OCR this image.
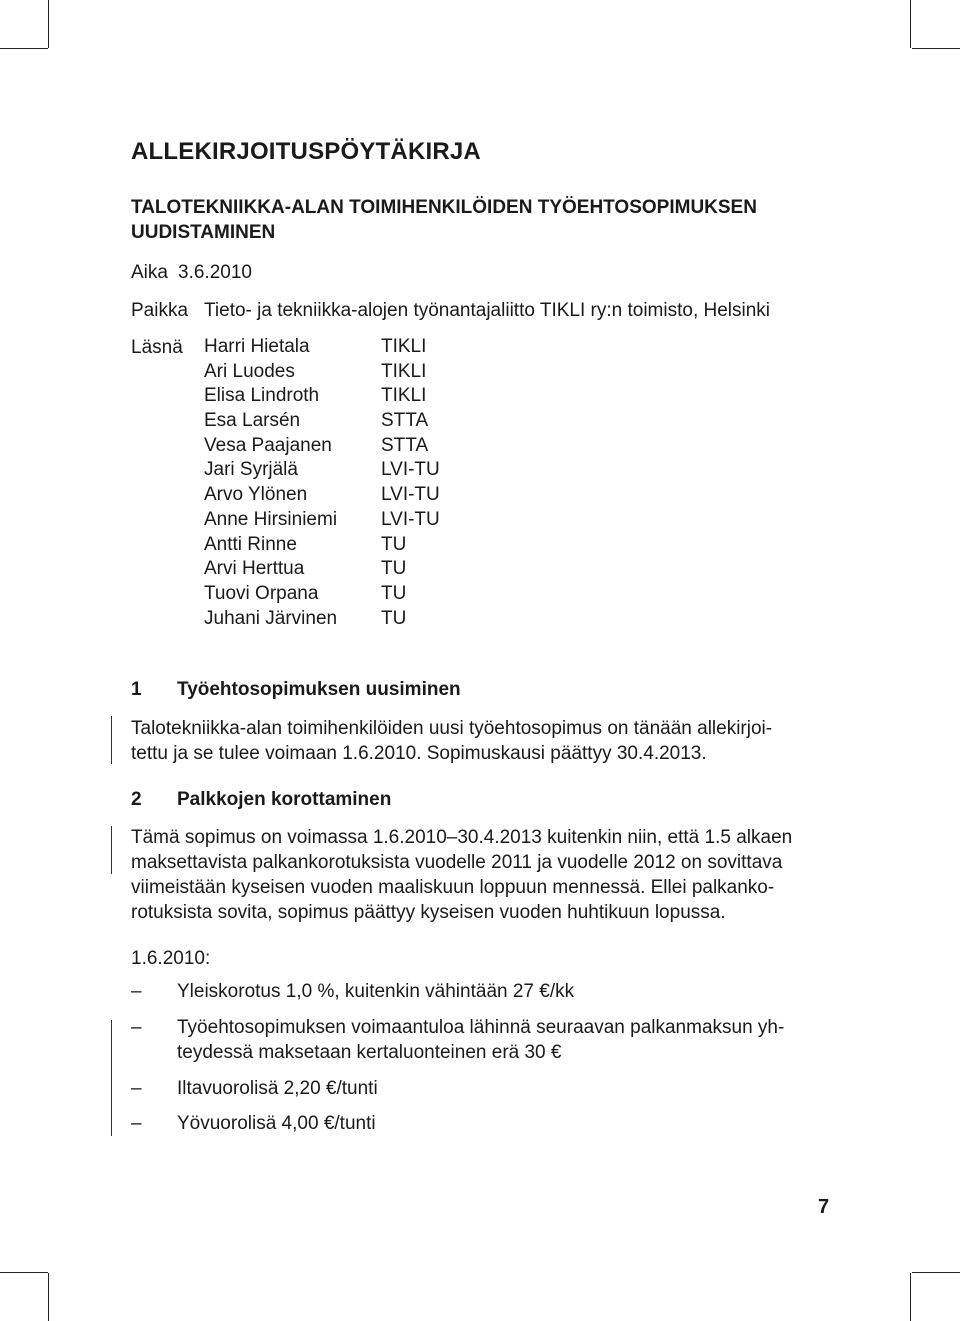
ALLEKIRJOITUSPÖYTÄKIRJA
TALOTEKNIIKKA-ALAN TOIMIHENKILÖIDEN TYÖEHTOSOPIMUKSEN
UUDISTAMINEN
Aika 3.6.2010
Paikka Tieto- ja tekniikka-alojen työnantajaliitto TIKLI ry:n toimisto, Helsinki
Läsnä Harri Hietala	TIKLI
Ari Luodes	TIKLI
Elisa Lindroth	TIKLI
Esa Larsén	STTA
Vesa Paajanen	STTA
Jari Syrjälä	LVI-TU
Arvo Ylönen	LVI-TU
Anne Hirsiniemi LVI-TU
Antti Rinne	TU
Arvi Herttua	TU
Tuovi Orpana	TU
Juhani Järvinen TU
1 Työehtosopimuksen uusiminen
Talotekniikka-alan toimihenkilöiden uusi työehtosopimus on tänään allekirjoi-
tettu ja se tulee voimaan 1.6.2010. Sopimuskausi päättyy 30.4.2013.
2 Palkkojen korottaminen
Tämä sopimus on voimassa 1.6.2010–30.4.2013 kuitenkin niin, että 1.5 alkaen
maksettavista palkankorotuksista vuodelle 2011 ja vuodelle 2012 on sovittava
viimeistään kyseisen vuoden maaliskuun loppuun mennessä. Ellei palkanko-
rotuksista sovita, sopimus päättyy kyseisen vuoden huhtikuun lopussa.
1.6.2010:
– Yleiskorotus 1,0 %, kuitenkin vähintään 27 €/kk
– Työehtosopimuksen voimaantuloa lähinnä seuraavan palkanmaksun yh-
teydessä maksetaan kertaluonteinen erä 30 €
– Iltavuorolisä 2,20 €/tunti
– Yövuorolisä 4,00 €/tunti
7
